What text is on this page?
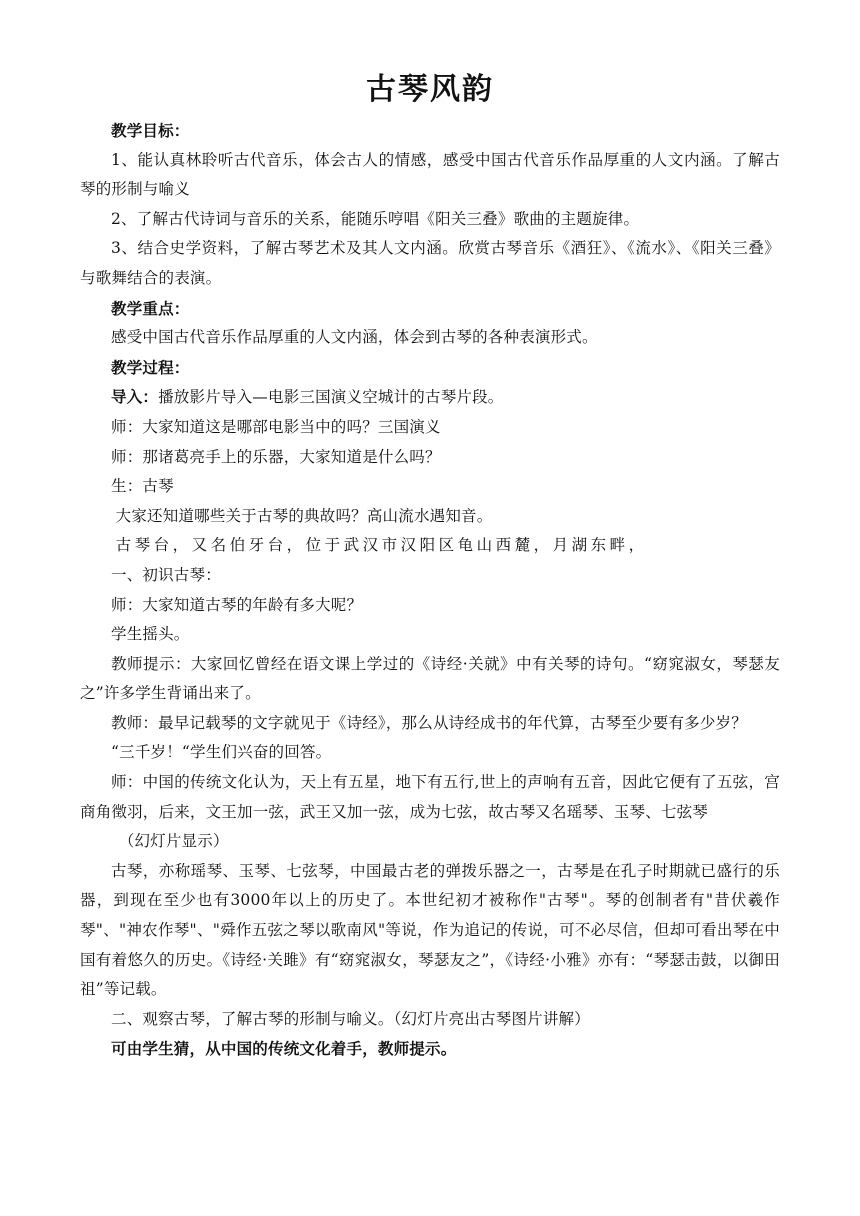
古琴风韵

教学目标：

1、能认真林聆听古代音乐，体会古人的情感，感受中国古代音乐作品厚重的人文内涵。了解古琴的形制与喻义

2、了解古代诗词与音乐的关系，能随乐哼唱《阳关三叠》歌曲的主题旋律。

3、结合史学资料，了解古琴艺术及其人文内涵。欣赏古琴音乐《酒狂》、《流水》、《阳关三叠》与歌舞结合的表演。

教学重点：

感受中国古代音乐作品厚重的人文内涵，体会到古琴的各种表演形式。

教学过程：

导入：播放影片导入—电影三国演义空城计的古琴片段。

师：大家知道这是哪部电影当中的吗？三国演义

师：那诸葛亮手上的乐器，大家知道是什么吗？

生：古琴

大家还知道哪些关于古琴的典故吗？高山流水遇知音。

古琴台，又名伯牙台，位于武汉市汉阳区龟山西麓，月湖东畔，

一、初识古琴：

师：大家知道古琴的年龄有多大呢？

学生摇头。

教师提示：大家回忆曾经在语文课上学过的《诗经·关就》中有关琴的诗句。“窈窕淑女，琴瑟友之”许多学生背诵出来了。

教师：最早记载琴的文字就见于《诗经》，那么从诗经成书的年代算，古琴至少要有多少岁？

“三千岁！“学生们兴奋的回答。

师：中国的传统文化认为，天上有五星，地下有五行,世上的声响有五音，因此它便有了五弦，宫商角徵羽，后来，文王加一弦，武王又加一弦，成为七弦，故古琴又名瑶琴、玉琴、七弦琴

（幻灯片显示）

古琴，亦称瑶琴、玉琴、七弦琴，中国最古老的弹拨乐器之一，古琴是在孔子时期就已盛行的乐器，到现在至少也有3000年以上的历史了。本世纪初才被称作"古琴"。琴的创制者有"昔伏羲作琴"、"神农作琴"、"舜作五弦之琴以歌南风"等说，作为追记的传说，可不必尽信，但却可看出琴在中国有着悠久的历史。《诗经·关雎》有“窈窕淑女，琴瑟友之”，《诗经·小雅》亦有：“琴瑟击鼓，以御田祖”等记载。

二、观察古琴，了解古琴的形制与喻义。（幻灯片亮出古琴图片讲解）

可由学生猜，从中国的传统文化着手，教师提示。
